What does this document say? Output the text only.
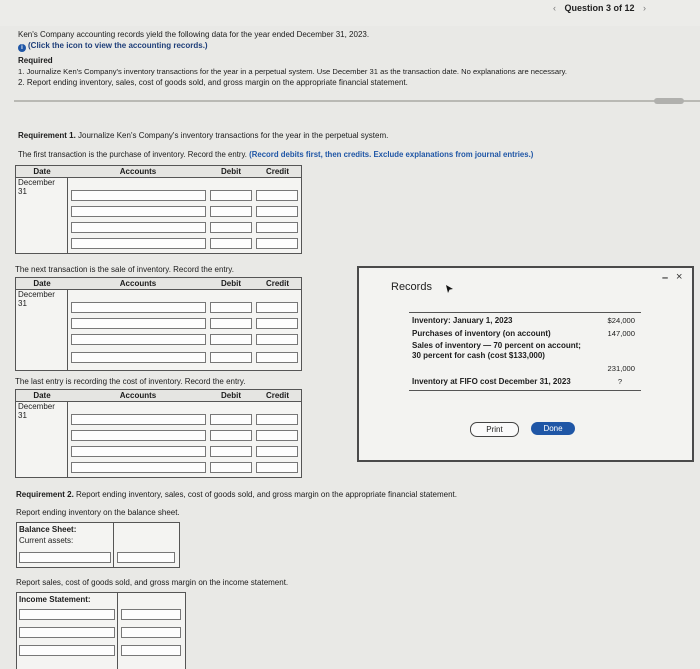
‹ Question 3 of 12 ›
Ken's Company accounting records yield the following data for the year ended December 31, 2023.
i (Click the icon to view the accounting records.)
Required
1. Journalize Ken's Company's inventory transactions for the year in a perpetual system. Use December 31 as the transaction date. No explanations are necessary.
2. Report ending inventory, sales, cost of goods sold, and gross margin on the appropriate financial statement.
Requirement 1. Journalize Ken's Company's inventory transactions for the year in the perpetual system.
The first transaction is the purchase of inventory. Record the entry. (Record debits first, then credits. Exclude explanations from journal entries.)
Date	Accounts	Debit	Credit
December
31
The next transaction is the sale of inventory. Record the entry.
Date	Accounts	Debit	Credit
December
31
The last entry is recording the cost of inventory. Record the entry.
Date	Accounts	Debit	Credit
December
31
Records
– ×
Inventory: January 1, 2023	$24,000
Purchases of inventory (on account)	147,000
Sales of inventory — 70 percent on account; 30 percent for cash (cost $133,000)
231,000
Inventory at FIFO cost December 31, 2023	?
Print	Done
Requirement 2. Report ending inventory, sales, cost of goods sold, and gross margin on the appropriate financial statement.
Report ending inventory on the balance sheet.
Balance Sheet:
Current assets:
Report sales, cost of goods sold, and gross margin on the income statement.
Income Statement:
